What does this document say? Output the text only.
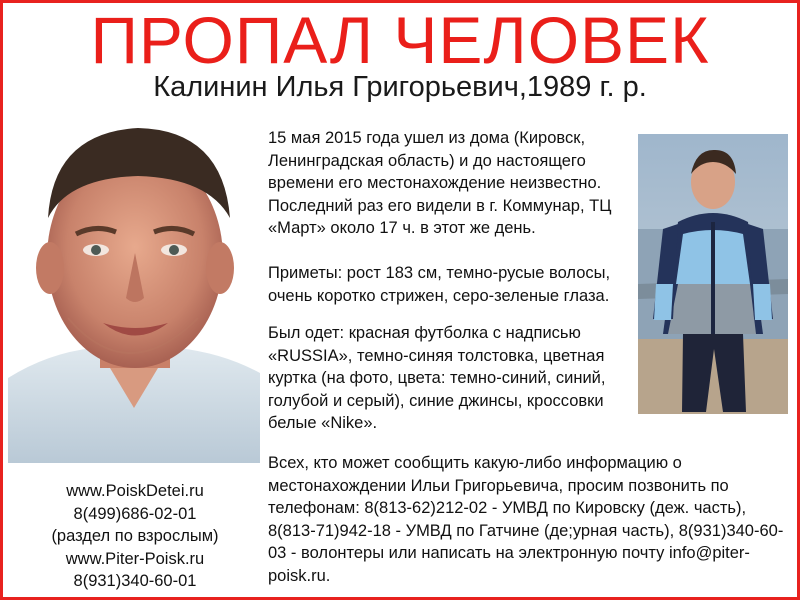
ПРОПАЛ ЧЕЛОВЕК
Калинин Илья Григорьевич,1989 г. р.

15 мая 2015 года ушел из дома (Кировск, Ленинградская область) и до настоящего времени его местонахождение неизвестно. Последний раз его видели в г. Коммунар, ТЦ «Март» около 17 ч. в этот же день.

Приметы: рост 183 см, темно-русые волосы, очень коротко стрижен, серо-зеленые глаза.

Был одет: красная футболка с надписью «RUSSIA», темно-синяя толстовка, цветная куртка (на фото, цвета: темно-синий, синий, голубой и серый), синие джинсы, кроссовки белые «Nike».

Всех, кто может сообщить какую-либо информацию о местонахождении Ильи Григорьевича, просим позвонить по телефонам: 8(813-62)212-02 - УМВД по Кировску (деж. часть), 8(813-71)942-18 - УМВД по Гатчине (де;урная часть), 8(931)340-60-03 - волонтеры или написать на электронную почту info@piter-poisk.ru.

www.PoiskDetei.ru
8(499)686-02-01
(раздел по взрослым)
www.Piter-Poisk.ru
8(931)340-60-01
